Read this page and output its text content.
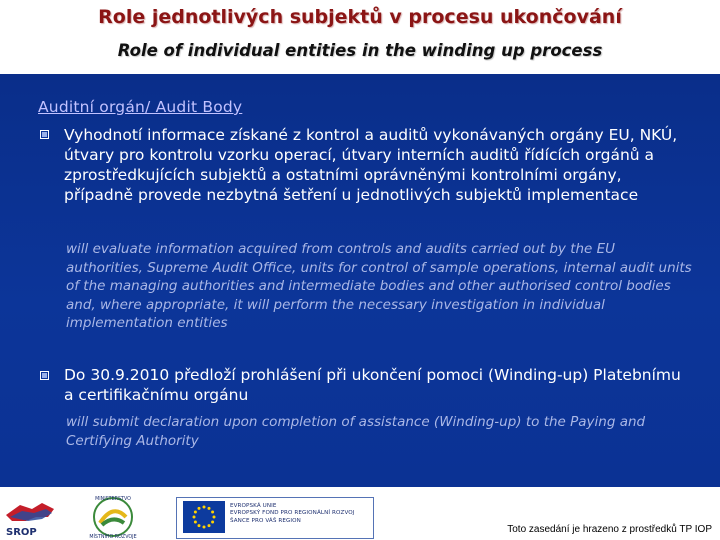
Role jednotlivých subjektů v procesu ukončování
Role of individual entities in the winding up process
Auditní orgán/ Audit Body
Vyhodnotí informace získané z kontrol a auditů vykonávaných orgány EU, NKÚ, útvary pro kontrolu vzorku operací, útvary interních auditů řídících orgánů a zprostředkujících subjektů a ostatními oprávněnými kontrolními orgány, případně provede nezbytná šetření u jednotlivých subjektů implementace
will evaluate information acquired from controls and audits carried out by the EU authorities, Supreme Audit Office, units for control of sample operations, internal audit units of the managing authorities and intermediate bodies and other authorised control bodies and, where appropriate, it will perform the necessary investigation in individual implementation entities
Do 30.9.2010 předloží prohlášení při ukončení pomoci (Winding-up) Platebnímu a certifikačnímu orgánu
will submit declaration upon completion of assistance (Winding-up) to the Paying and Certifying Authority
SROP
MINISTERSTVO
MÍSTNÍHO ROZVOJE
EVROPSKÁ UNIE
EVROPSKÝ FOND PRO REGIONÁLNÍ ROZVOJ
ŠANCE PRO VÁŠ REGION
Toto zasedání je hrazeno z prostředků TP IOP
